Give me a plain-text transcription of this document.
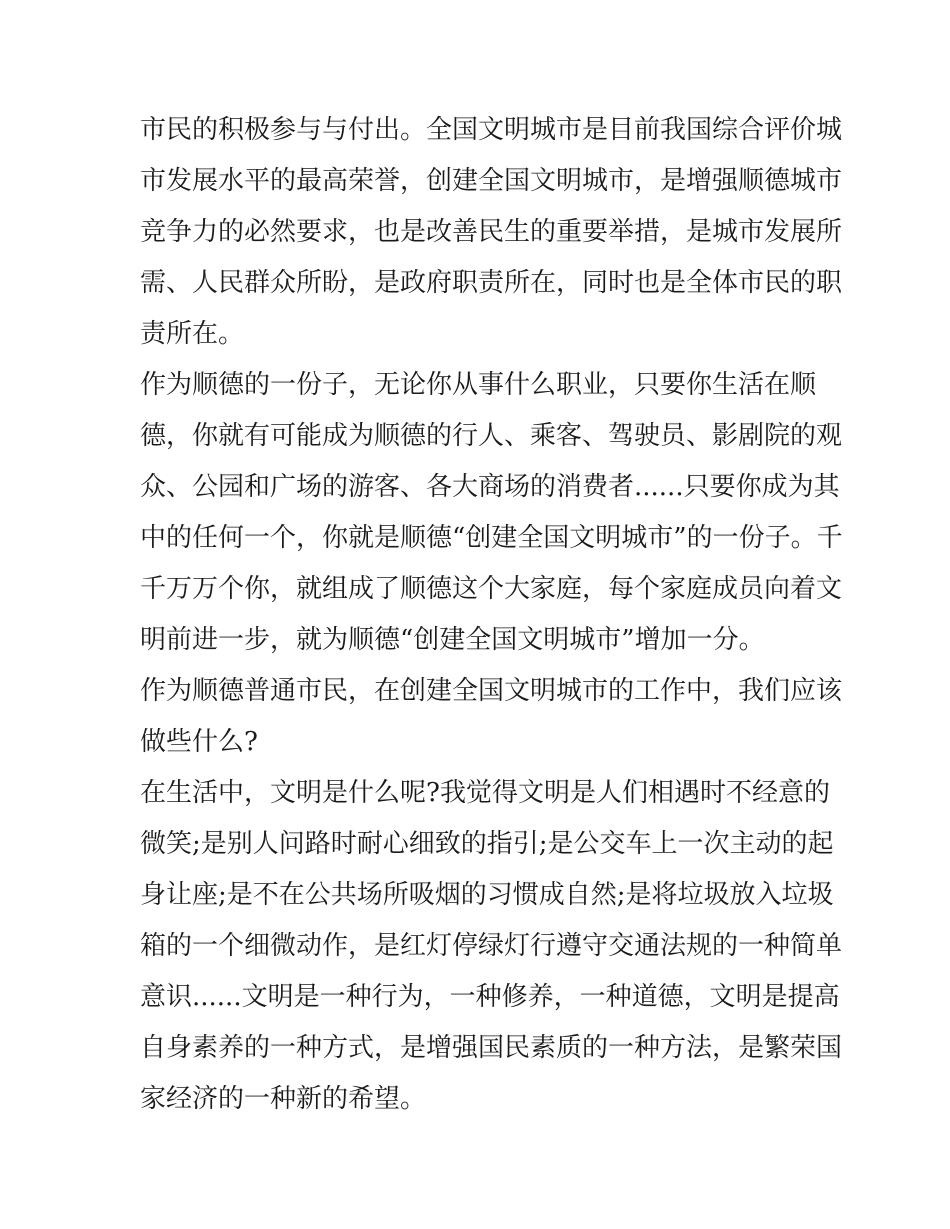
市民的积极参与与付出。全国文明城市是目前我国综合评价城
市发展水平的最高荣誉，创建全国文明城市，是增强顺德城市
竞争力的必然要求，也是改善民生的重要举措，是城市发展所
需、人民群众所盼，是政府职责所在，同时也是全体市民的职
责所在。
作为顺德的一份子，无论你从事什么职业，只要你生活在顺
德，你就有可能成为顺德的行人、乘客、驾驶员、影剧院的观
众、公园和广场的游客、各大商场的消费者......只要你成为其
中的任何一个，你就是顺德“创建全国文明城市”的一份子。千
千万万个你，就组成了顺德这个大家庭，每个家庭成员向着文
明前进一步，就为顺德“创建全国文明城市”增加一分。
作为顺德普通市民，在创建全国文明城市的工作中，我们应该
做些什么?
在生活中，文明是什么呢?我觉得文明是人们相遇时不经意的
微笑;是别人问路时耐心细致的指引;是公交车上一次主动的起
身让座;是不在公共场所吸烟的习惯成自然;是将垃圾放入垃圾
箱的一个细微动作，是红灯停绿灯行遵守交通法规的一种简单
意识......文明是一种行为，一种修养，一种道德，文明是提高
自身素养的一种方式，是增强国民素质的一种方法，是繁荣国
家经济的一种新的希望。
